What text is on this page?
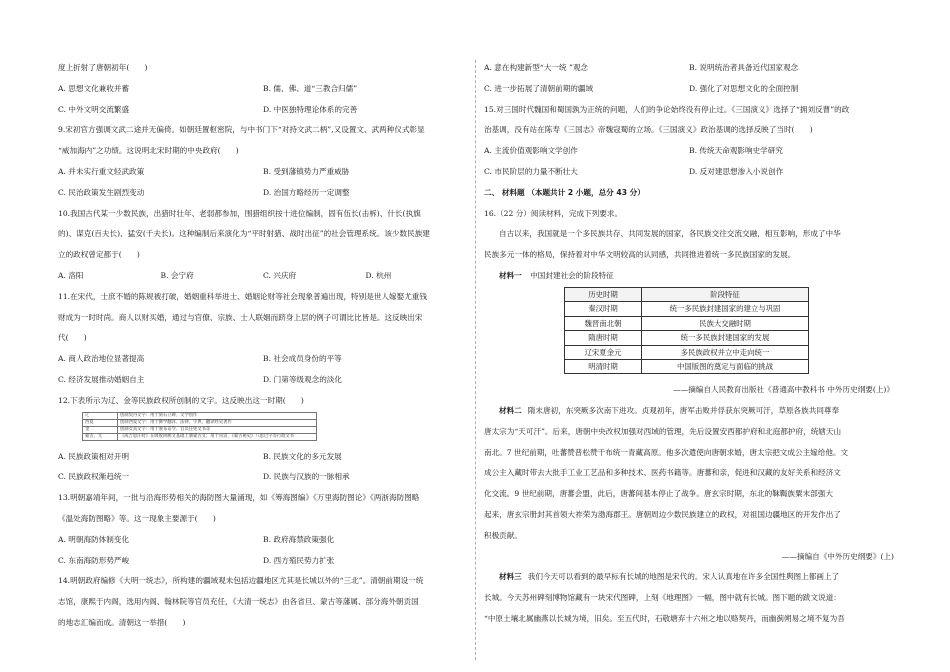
度上折射了唐朝初年(　　)
A. 思想文化兼收并蓄	B. 儒、佛、道“三教合归儒”
C. 中外文明交流繁盛	D. 中医独特理论体系的完善
9.宋初官方强调文武二途并无偏倚。如朝廷置枢密院，与中书门下“对持文武二柄”,又设置文、武两种仪式彰显
“威加海内”之功绩。这说明北宋时期的中央政府(　　)
A. 并未实行重文轻武政策	B. 受到藩镇势力严重威胁
C. 民治政策发生剧烈变动	D. 治国方略经历一定调整
10.我国古代某一少数民族，出猎时壮年、老弱都参加，围猎组织按十进位编制，固有伍长(击柝)、什长(执旗
的)、谋克(百夫长)、猛安(千夫长)。这种编制后来演化为“平时射猎、战时出征”的社会管理系统。该少数民族建
立的政权曾定都于(　　)
A. 洛阳	B. 会宁府	C. 兴庆府	D. 杭州
11.在宋代，士庶不婚的陈规被打破，婚姻重科举进士、婚姻论财等社会现象普遍出现，特别是世人嫁娶尤重钱
财成为一时时尚。商人以财买婚，通过与官僚、宗族、士人联姻而跻身上层的例子可谓比比皆是。这反映出宋
代(　　)
A. 商人政治地位显著提高	B. 社会成员身份的平等
C. 经济发展推动婚姻自主	D. 门第等级观念的淡化
12.下表所示为辽、金等民族政权所创制的文字。这反映出这一时期(　　)
辽	创制契丹文字：用于刻石立碑、文学创作
西夏	创制西夏文字：用于佛学翻译、法律、字典、翻译经史著作
金	创制女真文字：用于颁布诏令、官员任免文书等
蒙古、元	《成吉思汗时》在吸收回鹘文基础上制蒙古文；用于帛诏、《蒙古秘史》八思巴字等行政文书
A. 民族政策相对开明	B. 民族文化的多元发展
C. 民族政权渐趋统一	D. 民族与汉族的一脉相承
13.明朝嘉靖年间，一批与沿海形势相关的海防图大量涌现，如《筹海图编》《万里海防图论》《两浙海防图略
《温处海防图略》等。这一现象主要源于(　　)
A. 明朝海防体制变化	B. 政府海禁政策强化
C. 东南海防形势严峻	D. 西方殖民势力扩张
14.明朝政府编修《大明一统志》，所构建的疆域观未包括边疆地区尤其是长城以外的“三北”。清朝前期设一统
志馆，康熙于内阁，选用内阁、翰林院等官员充任，《大清一统志》由各省旦、蒙古等藩属、部分海外朝贡国
的地志汇编而成。清朝这一举措(　　)
A. 意在构建新型“大一统 ”观念	B. 说明统治者具备近代国家观念
C. 进一步拓展了清朝前期的疆域	D. 强化了对思想文化的全面控制
15.对三国时代魏国和蜀国孰为正统的问题，人们的争论始终没有停止过。《三国演义》选择了“拥刘反曹”的政
治基调，没有站在陈寿《三国志》帝魏寇蜀的立场。《三国演义》政治基调的选择反映了当时(　　)
A. 主流价值观影响文学创作	B. 传统天命观影响史学研究
C. 市民阶层的力量不断壮大	D. 反对建思想渗入小说创作
二、 材料题 （本题共计 2 小题，总分 43 分）
16.（22 分）阅读材料，完成下列要求。
自古以来，我国就是一个多民族共存、共同发展的国家，各民族交往交流交融，相互影响，形成了中华
民族多元一体的格局，保持着对中华文明较高的认同感，共同推进着统一多民族国家的发展。
材料一 中国封建社会的阶段特征
历史时期	阶段特征
秦汉时期	统一多民族封建国家的建立与巩固
魏晋南北朝	民族大交融时期
隋唐时期	统一多民族封建国家的发展
辽宋夏金元	多民族政权并立中走向统一
明清时期	中国版图的奠定与面临的挑战
——摘编自人民教育出版社《普通高中教科书 中外历史纲要(上)》
材料二 隋末唐初，东突厥多次南下进攻。贞观初年，唐军击败并俘获东突厥可汗，草原各族共同尊奉
唐太宗为“天可汗”。后来，唐朝中央改权加强对西域的管理，先后设置安西都护府和北庭都护府，统辖天山
南北。7 世纪前期，吐蕃赞普松赞干布统一青藏高原。他多次遣使向唐朝求婚，唐太宗把文成公主嫁给他。文
成公主入藏时带去大批手工业工艺品和多种技术、医药书籍等。唐蕃和亲，促进和汉藏的友好关系和经济文
化交流。9 世纪前期，唐蕃会盟，此后，唐蕃间基本停止了战争。唐玄宗时期，东北的靺鞨族粟末部强大
起来，唐玄宗册封其首领大祚荣为渤海郡王。唐朝周边少数民族建立的政权，对祖国边疆地区的开发作出了
积极贡献。
——摘编自《中外历史纲要》(上)
材料三 我们今天可以看到的最早标有长城的地图是宋代的。宋人认真地在许多全国性舆图上都画上了
长城。今天苏州碑刻博物馆藏有一块宋代图碑，上刻《地理图》一幅，图中就有长城。图下题的跋文说道：
“中原土壤北属幽燕以长城为境，旧矣。至五代时，石敬塘弃十六州之地以赂契丹，而幽蓟朔易之境不复为吾
